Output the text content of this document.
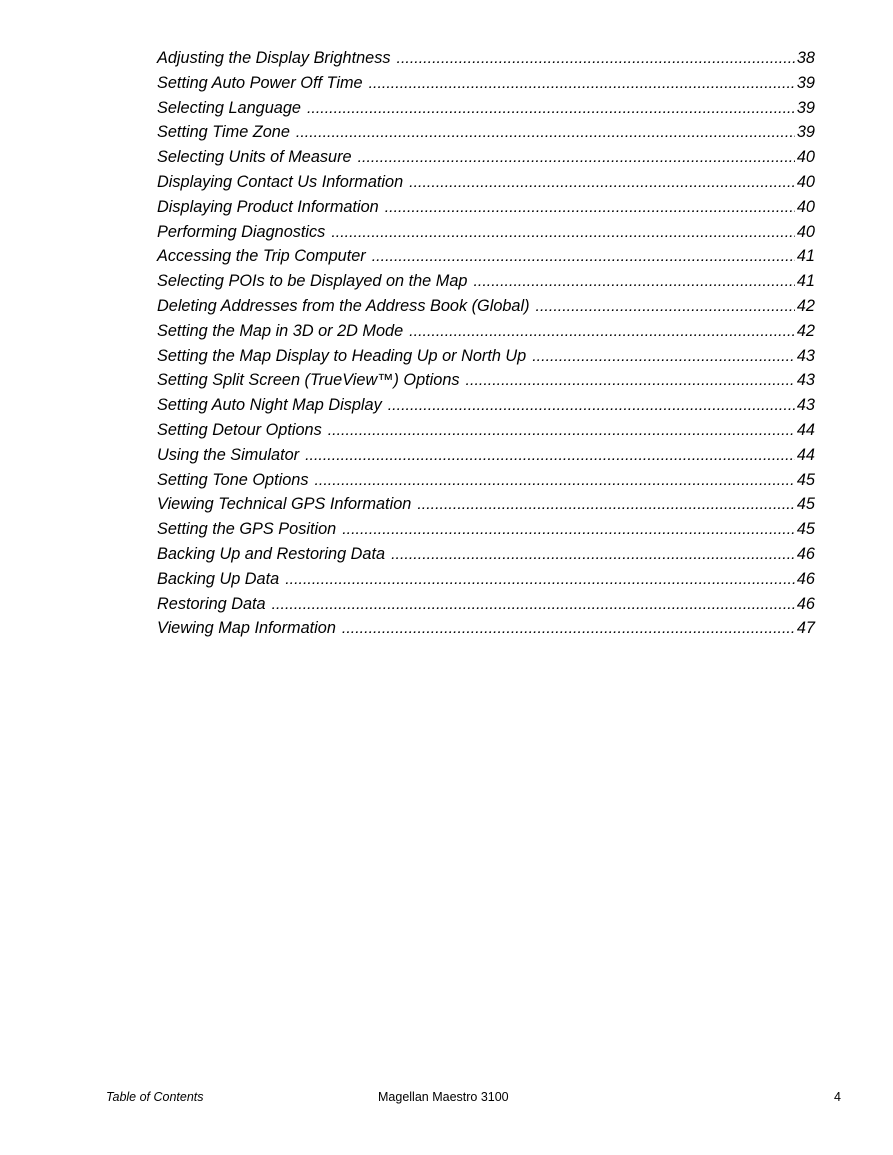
Adjusting the Display Brightness .....	38
Setting Auto Power Off Time .....	39
Selecting Language .....	39
Setting Time Zone .....	39
Selecting Units of Measure .....	40
Displaying Contact Us Information .....	40
Displaying Product Information .....	40
Performing Diagnostics .....	40
Accessing the Trip Computer .....	41
Selecting POIs to be Displayed on the Map .....	41
Deleting Addresses from the Address Book (Global) .....	42
Setting the Map in 3D or 2D Mode .....	42
Setting the Map Display to Heading Up or North Up .....	43
Setting Split Screen (TrueView™) Options .....	43
Setting Auto Night Map Display .....	43
Setting Detour Options .....	44
Using the Simulator .....	44
Setting Tone Options .....	45
Viewing Technical GPS Information .....	45
Setting the GPS Position .....	45
Backing Up and Restoring Data .....	46
Backing Up Data .....	46
Restoring Data .....	46
Viewing Map Information .....	47
Table of Contents	Magellan Maestro 3100	4
